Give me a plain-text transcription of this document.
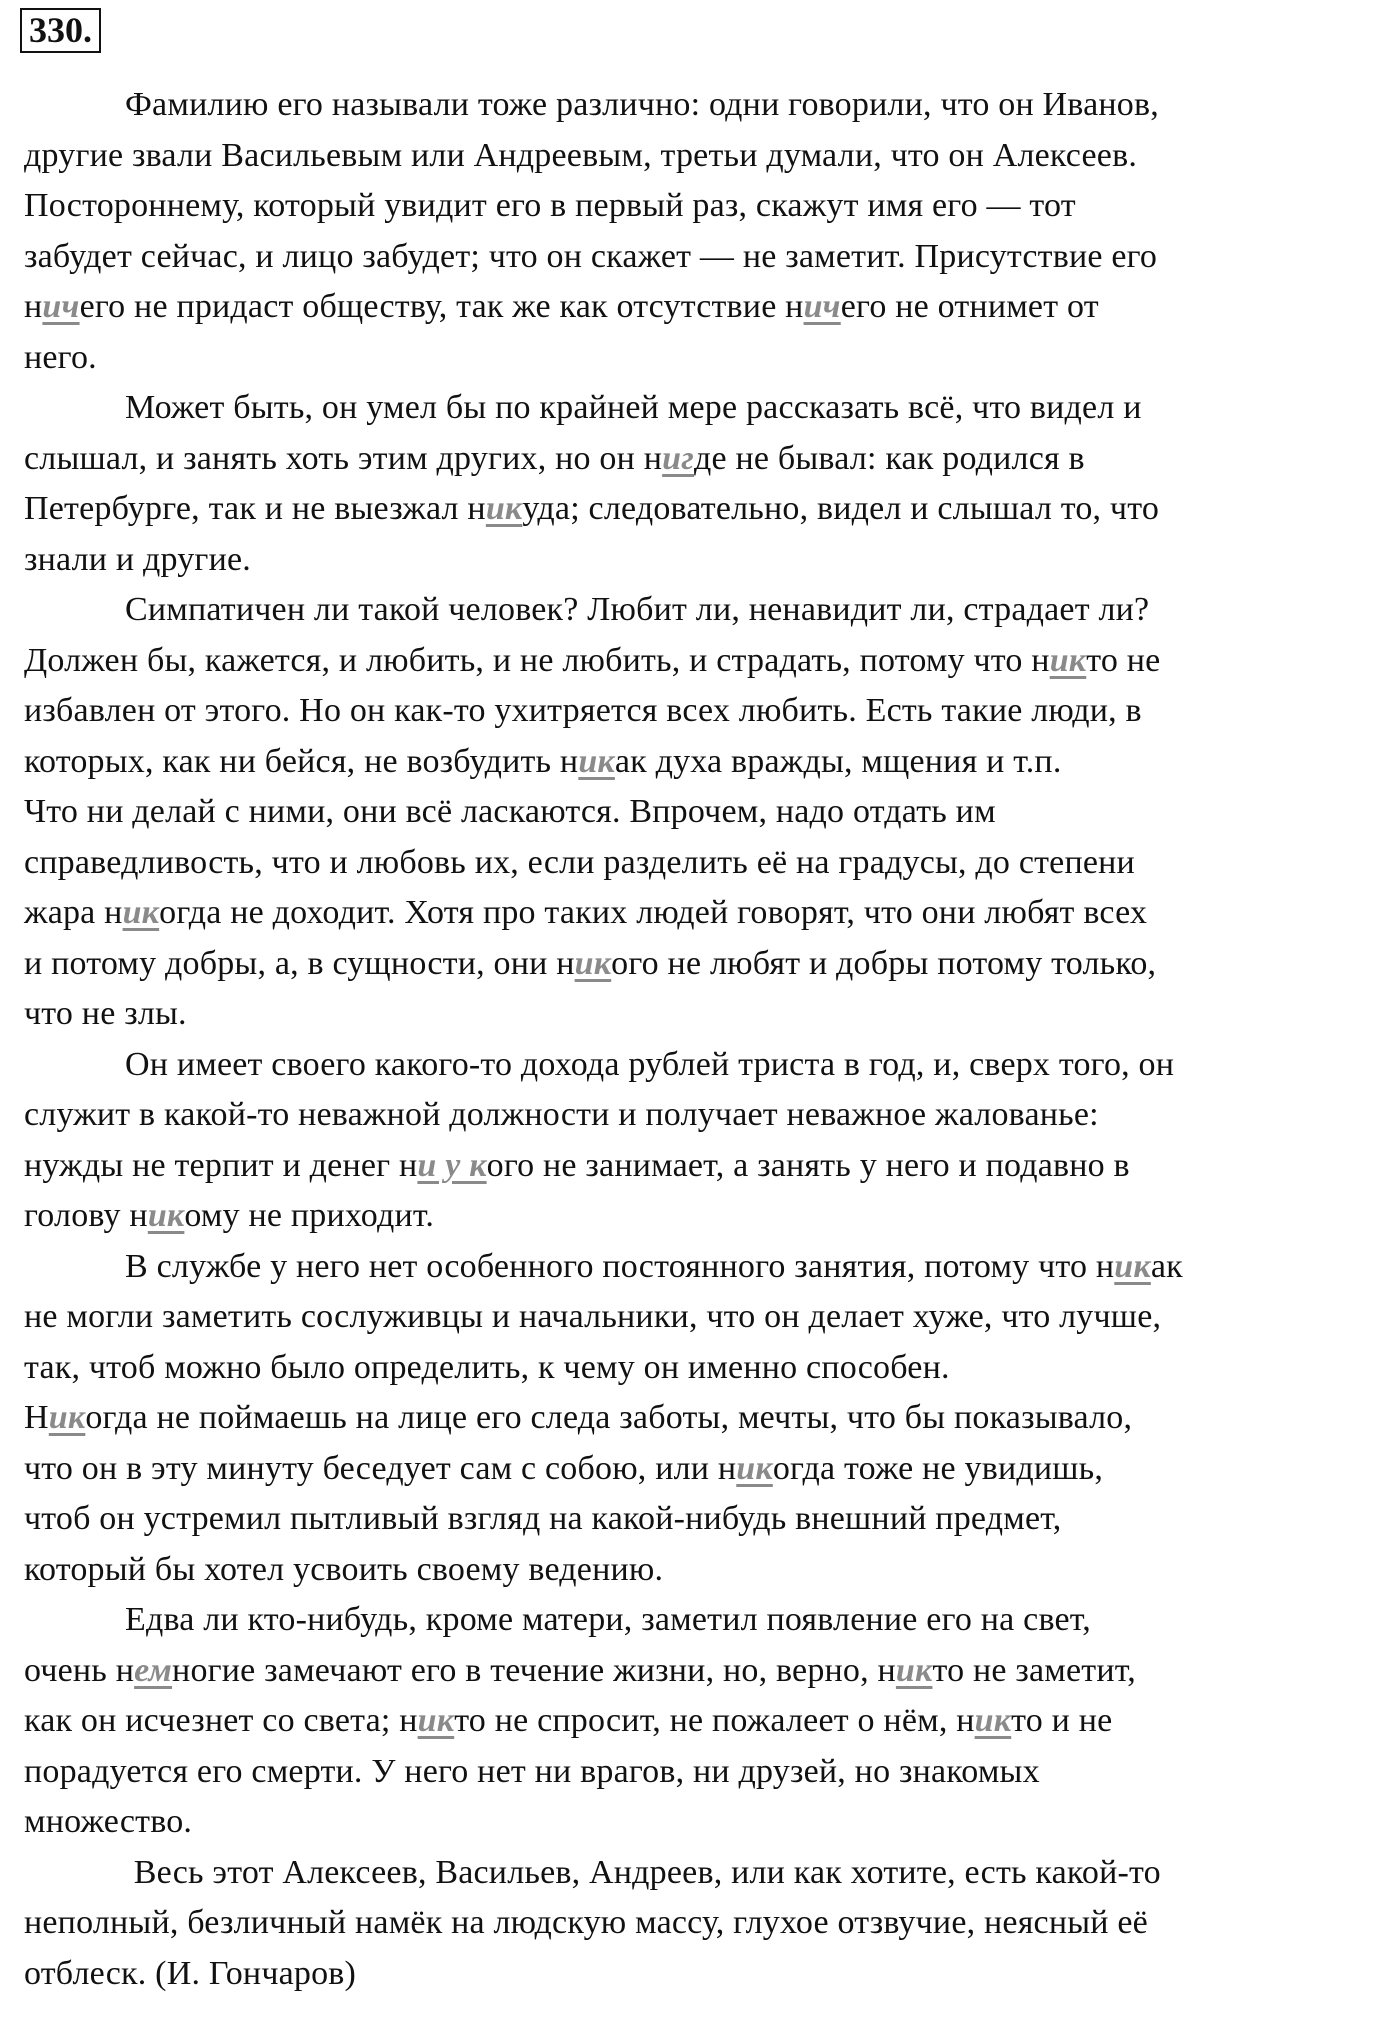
330.
Фамилию его называли тоже различно: одни говорили, что он Иванов,
другие звали Васильевым или Андреевым, третьи думали, что он Алексеев.
Постороннему, который увидит его в первый раз, скажут имя его — тот
забудет сейчас, и лицо забудет; что он скажет — не заметит. Присутствие его
ничего не придаст обществу, так же как отсутствие ничего не отнимет от
него.
Может быть, он умел бы по крайней мере рассказать всё, что видел и
слышал, и занять хоть этим других, но он нигде не бывал: как родился в
Петербурге, так и не выезжал никуда; следовательно, видел и слышал то, что
знали и другие.
Симпатичен ли такой человек? Любит ли, ненавидит ли, страдает ли?
Должен бы, кажется, и любить, и не любить, и страдать, потому что никто не
избавлен от этого. Но он как-то ухитряется всех любить. Есть такие люди, в
которых, как ни бейся, не возбудить никак духа вражды, мщения и т.п.
Что ни делай с ними, они всё ласкаются. Впрочем, надо отдать им
справедливость, что и любовь их, если разделить её на градусы, до степени
жара никогда не доходит. Хотя про таких людей говорят, что они любят всех
и потому добры, а, в сущности, они никого не любят и добры потому только,
что не злы.
Он имеет своего какого-то дохода рублей триста в год, и, сверх того, он
служит в какой-то неважной должности и получает неважное жалованье:
нужды не терпит и денег ни у кого не занимает, а занять у него и подавно в
голову никому не приходит.
В службе у него нет особенного постоянного занятия, потому что никак
не могли заметить сослуживцы и начальники, что он делает хуже, что лучше,
так, чтоб можно было определить, к чему он именно способен.
Никогда не поймаешь на лице его следа заботы, мечты, что бы показывало,
что он в эту минуту беседует сам с собою, или никогда тоже не увидишь,
чтоб он устремил пытливый взгляд на какой-нибудь внешний предмет,
который бы хотел усвоить своему ведению.
Едва ли кто-нибудь, кроме матери, заметил появление его на свет,
очень немногие замечают его в течение жизни, но, верно, никто не заметит,
как он исчезнет со света; никто не спросит, не пожалеет о нём, никто и не
порадуется его смерти. У него нет ни врагов, ни друзей, но знакомых
множество.
Весь этот Алексеев, Васильев, Андреев, или как хотите, есть какой-то
неполный, безличный намёк на людскую массу, глухое отзвучие, неясный её
отблеск. (И. Гончаров)
